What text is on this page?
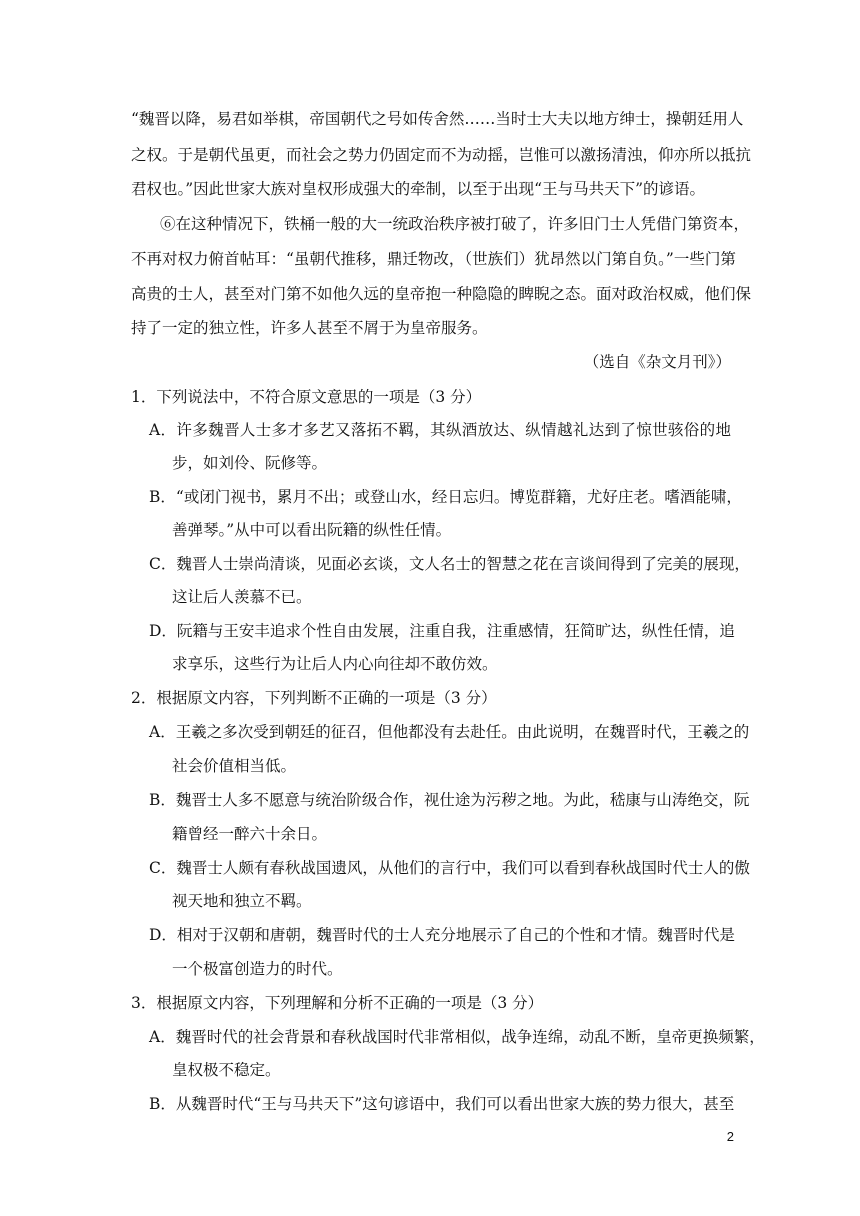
“魏晋以降，易君如举棋，帝国朝代之号如传舍然……当时士大夫以地方绅士，操朝廷用人
之权。于是朝代虽更，而社会之势力仍固定而不为动摇，岂惟可以激扬清浊，仰亦所以抵抗
君权也。”因此世家大族对皇权形成强大的牵制，以至于出现“王与马共天下”的谚语。
⑥在这种情况下，铁桶一般的大一统政治秩序被打破了，许多旧门士人凭借门第资本，
不再对权力俯首帖耳：“虽朝代推移，鼎迁物改，（世族们）犹昂然以门第自负。”一些门第
高贵的士人，甚至对门第不如他久远的皇帝抱一种隐隐的睥睨之态。面对政治权威，他们保
持了一定的独立性，许多人甚至不屑于为皇帝服务。
（选自《杂文月刊》）
1．下列说法中，不符合原文意思的一项是（3 分）
A．许多魏晋人士多才多艺又落拓不羁，其纵酒放达、纵情越礼达到了惊世骇俗的地
步，如刘伶、阮修等。
B．“或闭门视书，累月不出；或登山水，经日忘归。博览群籍，尤好庄老。嗜酒能啸，
善弹琴。”从中可以看出阮籍的纵性任情。
C．魏晋人士崇尚清谈，见面必玄谈，文人名士的智慧之花在言谈间得到了完美的展现，
这让后人羡慕不已。
D．阮籍与王安丰追求个性自由发展，注重自我，注重感情，狂简旷达，纵性任情，追
求享乐，这些行为让后人内心向往却不敢仿效。
2．根据原文内容，下列判断不正确的一项是（3 分）
A．王羲之多次受到朝廷的征召，但他都没有去赴任。由此说明，在魏晋时代，王羲之的
社会价值相当低。
B．魏晋士人多不愿意与统治阶级合作，视仕途为污秽之地。为此，嵇康与山涛绝交，阮
籍曾经一醉六十余日。
C．魏晋士人颇有春秋战国遗风，从他们的言行中，我们可以看到春秋战国时代士人的傲
视天地和独立不羁。
D．相对于汉朝和唐朝，魏晋时代的士人充分地展示了自己的个性和才情。魏晋时代是
一个极富创造力的时代。
3．根据原文内容，下列理解和分析不正确的一项是（3 分）
A．魏晋时代的社会背景和春秋战国时代非常相似，战争连绵，动乱不断，皇帝更换频繁，
皇权极不稳定。
B．从魏晋时代“王与马共天下”这句谚语中，我们可以看出世家大族的势力很大，甚至
2
